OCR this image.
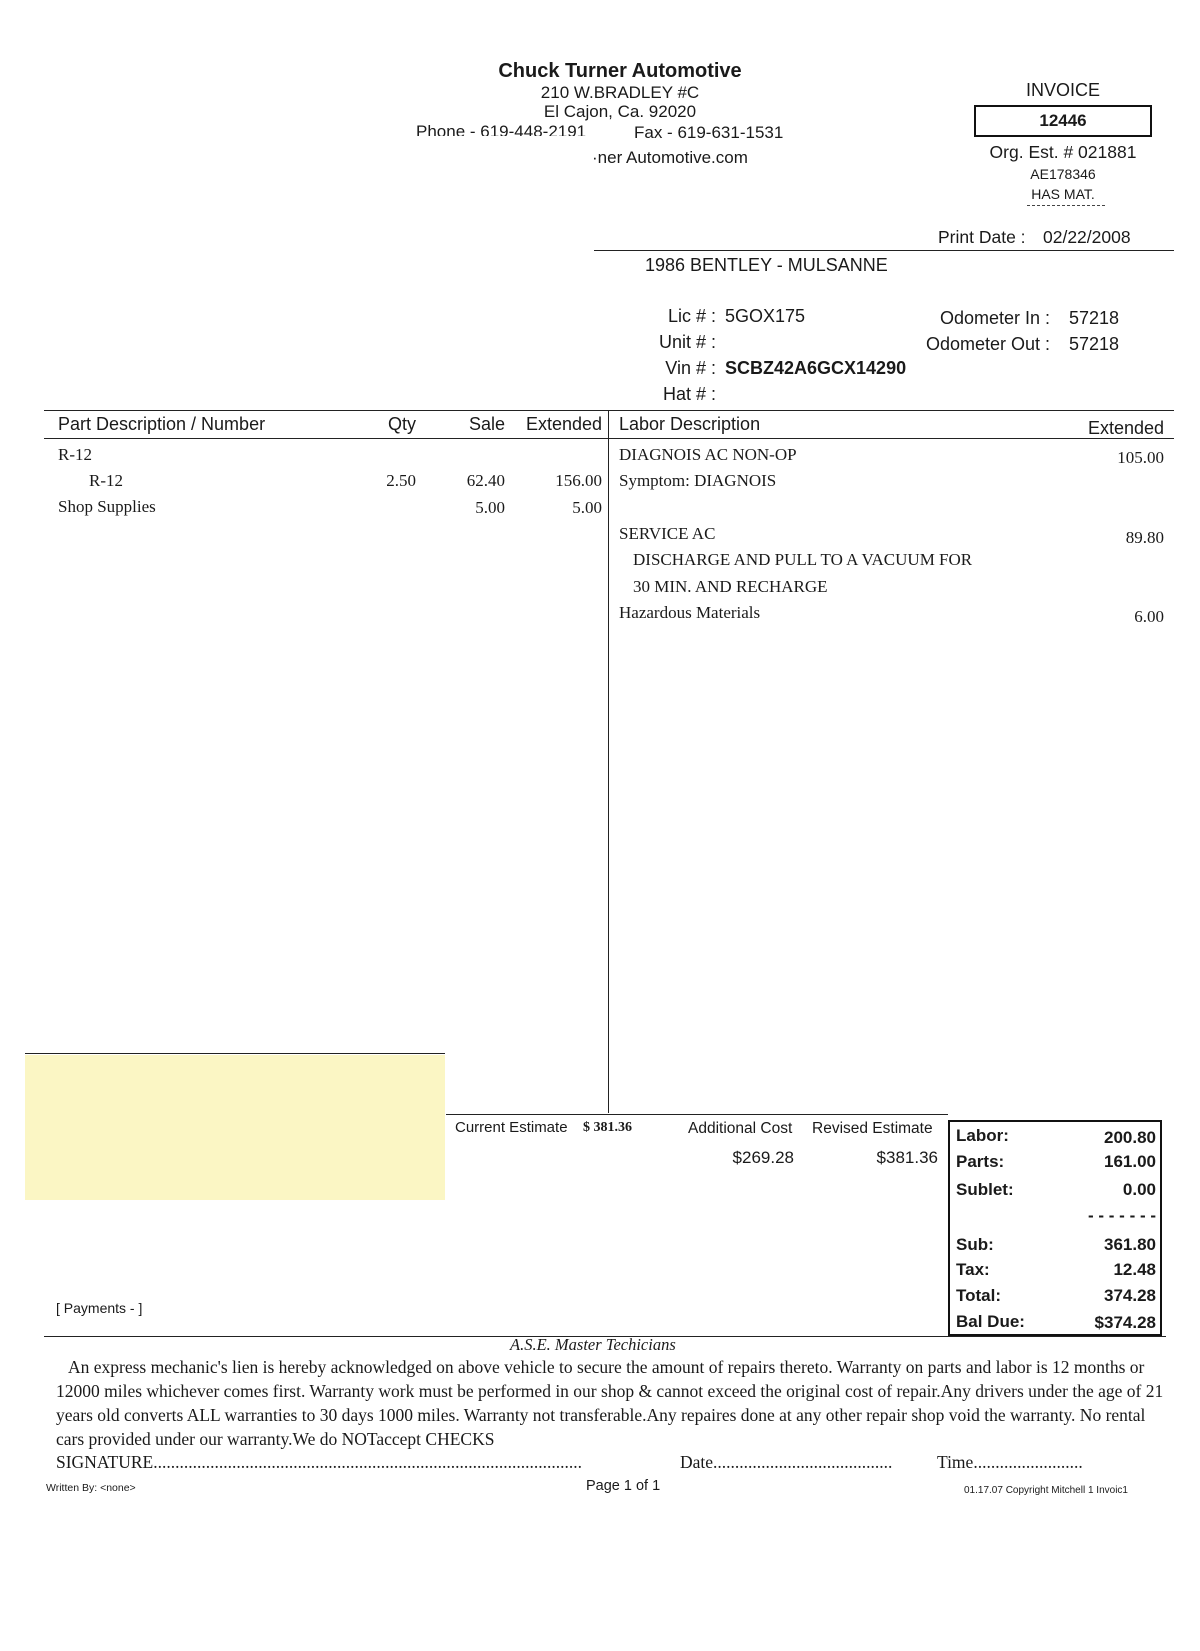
Chuck Turner Automotive
210 W.BRADLEY #C
El Cajon, Ca. 92020
Phone - 619-448-2191	Fax - 619-631-1531
·ner Automotive.com
INVOICE
12446
Org. Est. # 021881
AE178346
HAS MAT.
Print Date : 02/22/2008
1986 BENTLEY - MULSANNE
Lic # : 5GOX175
Unit # :
Vin # : SCBZ42A6GCX14290
Hat # :
Odometer In : 57218
Odometer Out : 57218
Part Description / Number	Qty	Sale	Extended Labor Description	Extended
R-12
R-12	2.50	62.40	156.00
Shop Supplies	5.00	5.00
DIAGNOIS AC NON-OP	105.00
Symptom: DIAGNOIS
SERVICE AC	89.80
DISCHARGE AND PULL TO A VACUUM FOR
30 MIN. AND RECHARGE
Hazardous Materials	6.00
Current Estimate $ 381.36	Additional Cost Revised Estimate
$269.28	$381.36
Labor:	200.80
Parts:	161.00
Sublet:	0.00
- - - - - - -
Sub:	361.80
Tax:	12.48
Total:	374.28
Bal Due:	$374.28
[ Payments - ]
A.S.E. Master Techicians
An express mechanic's lien is hereby acknowledged on above vehicle to secure the amount of repairs thereto. Warranty on parts and labor is 12 months or 12000 miles whichever comes first. Warranty work must be performed in our shop & cannot exceed the original cost of repair.Any drivers under the age of 21 years old converts ALL warranties to 30 days 1000 miles. Warranty not transferable.Any repaires done at any other repair shop void the warranty. No rental cars provided under our warranty.We do NOTaccept CHECKS
SIGNATURE..................................................................................................	Date.........................................	Time.........................
Written By: <none>	Page 1 of 1	01.17.07 Copyright Mitchell 1 Invoic1
